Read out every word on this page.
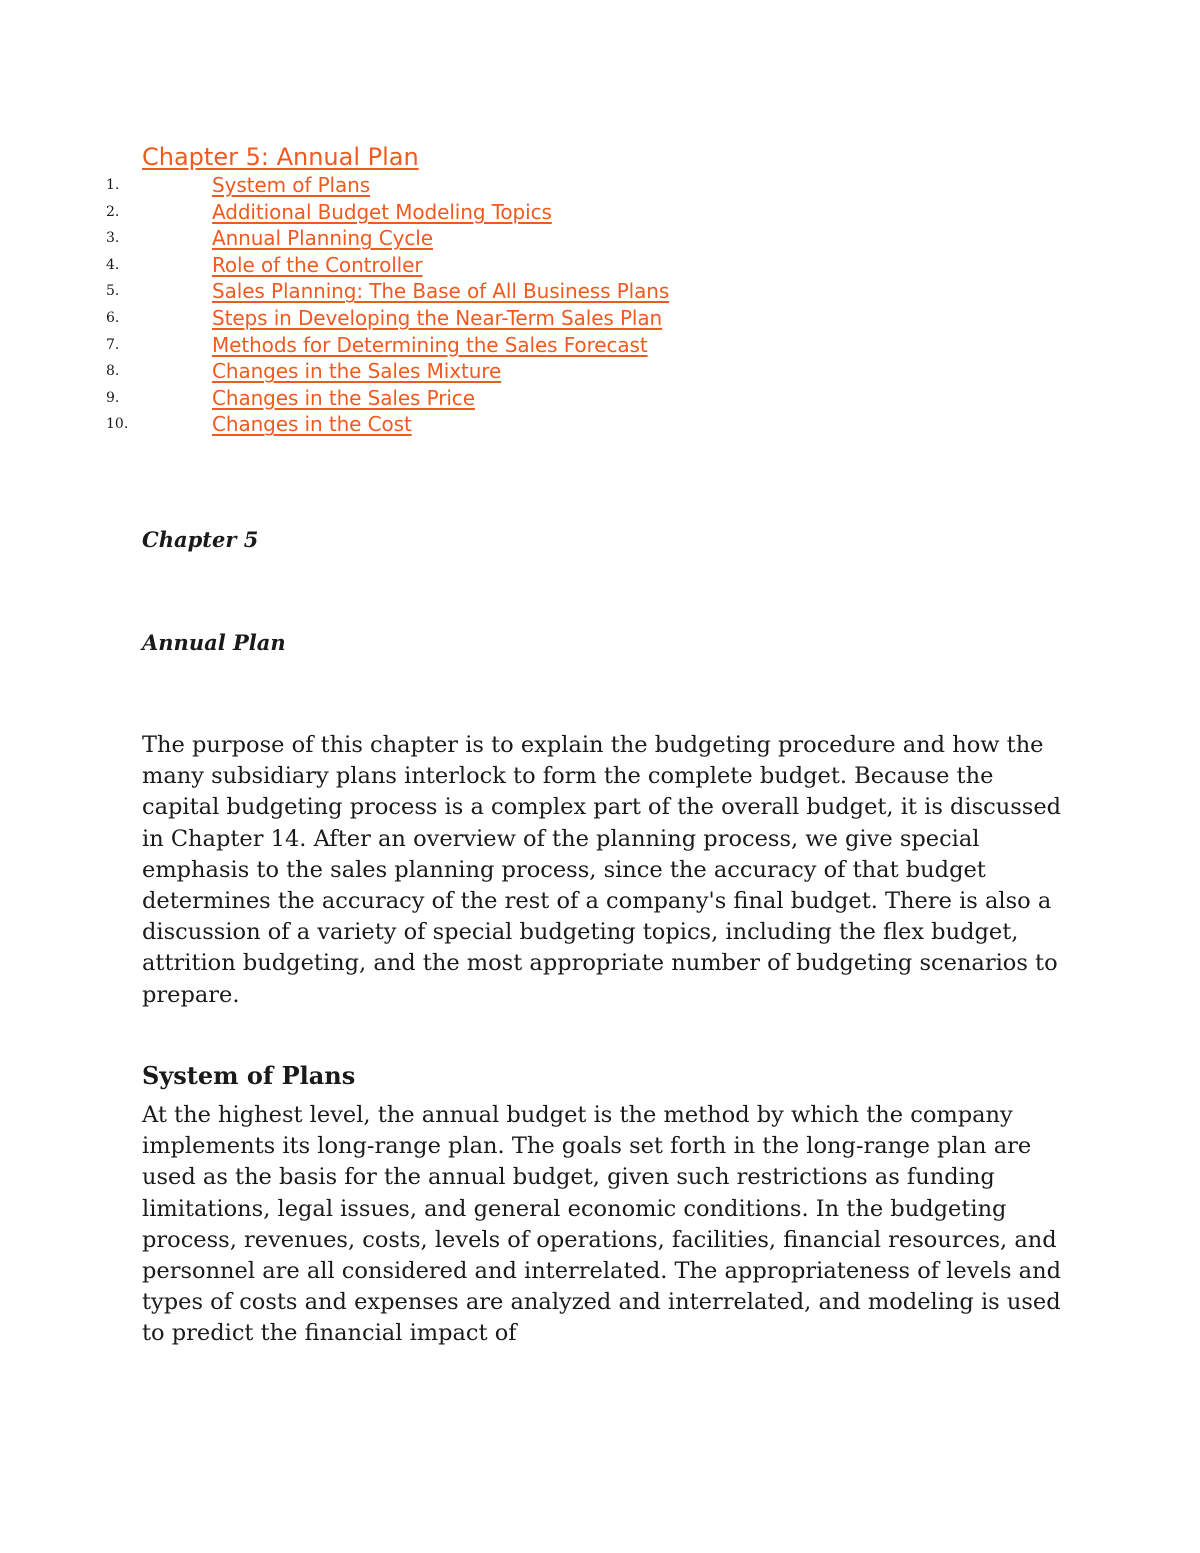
Chapter 5: Annual Plan
1.	System of Plans
2.	Additional Budget Modeling Topics
3.	Annual Planning Cycle
4.	Role of the Controller
5.	Sales Planning: The Base of All Business Plans
6.	Steps in Developing the Near-Term Sales Plan
7.	Methods for Determining the Sales Forecast
8.	Changes in the Sales Mixture
9.	Changes in the Sales Price
10.	Changes in the Cost
Chapter 5
Annual Plan

The purpose of this chapter is to explain the budgeting procedure and how the many subsidiary plans interlock to form the complete budget. Because the capital budgeting process is a complex part of the overall budget, it is discussed in Chapter 14. After an overview of the planning process, we give special emphasis to the sales planning process, since the accuracy of that budget determines the accuracy of the rest of a company's final budget. There is also a discussion of a variety of special budgeting topics, including the flex budget, attrition budgeting, and the most appropriate number of budgeting scenarios to prepare.

System of Plans

At the highest level, the annual budget is the method by which the company implements its long-range plan. The goals set forth in the long-range plan are used as the basis for the annual budget, given such restrictions as funding limitations, legal issues, and general economic conditions. In the budgeting process, revenues, costs, levels of operations, facilities, financial resources, and personnel are all considered and interrelated. The appropriateness of levels and types of costs and expenses are analyzed and interrelated, and modeling is used to predict the financial impact of
